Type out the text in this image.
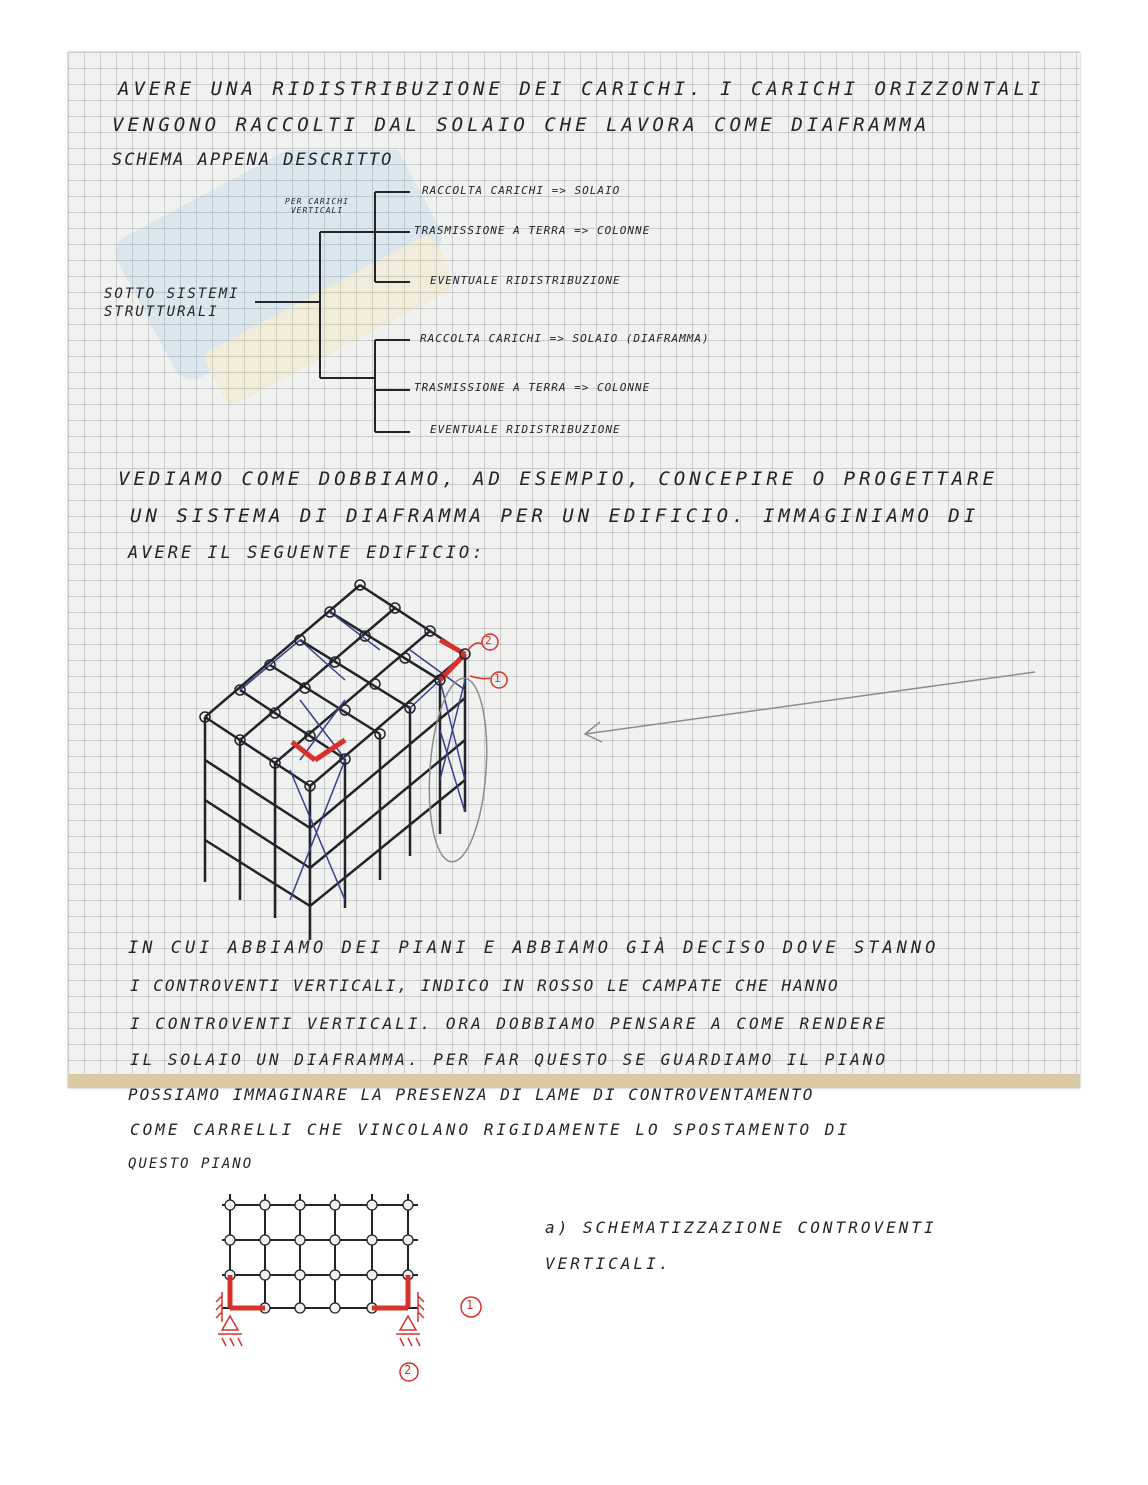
AVERE UNA RIDISTRIBUZIONE DEI CARICHI. I CARICHI ORIZZONTALI
VENGONO RACCOLTI DAL SOLAIO CHE LAVORA COME DIAFRAMMA
SCHEMA APPENA DESCRITTO
SOTTO SISTEMI STRUTTURALI
PER CARICHI VERTICALI
RACCOLTA CARICHI => SOLAIO
TRASMISSIONE A TERRA => COLONNE
EVENTUALE RIDISTRIBUZIONE
RACCOLTA CARICHI => SOLAIO (DIAFRAMMA)
TRASMISSIONE A TERRA => COLONNE
EVENTUALE RIDISTRIBUZIONE
VEDIAMO COME DOBBIAMO, AD ESEMPIO, CONCEPIRE O PROGETTARE
UN SISTEMA DI DIAFRAMMA PER UN EDIFICIO. IMMAGINIAMO DI
AVERE IL SEGUENTE EDIFICIO:
2
1
IN CUI ABBIAMO DEI PIANI E ABBIAMO GIÀ DECISO DOVE STANNO
I CONTROVENTI VERTICALI, INDICO IN ROSSO LE CAMPATE CHE HANNO
I CONTROVENTI VERTICALI. ORA DOBBIAMO PENSARE A COME RENDERE
IL SOLAIO UN DIAFRAMMA. PER FAR QUESTO SE GUARDIAMO IL PIANO
POSSIAMO IMMAGINARE LA PRESENZA DI LAME DI CONTROVENTAMENTO
COME CARRELLI CHE VINCOLANO RIGIDAMENTE LO SPOSTAMENTO DI
QUESTO PIANO
1
2
a) SCHEMATIZZAZIONE CONTROVENTI VERTICALI.
